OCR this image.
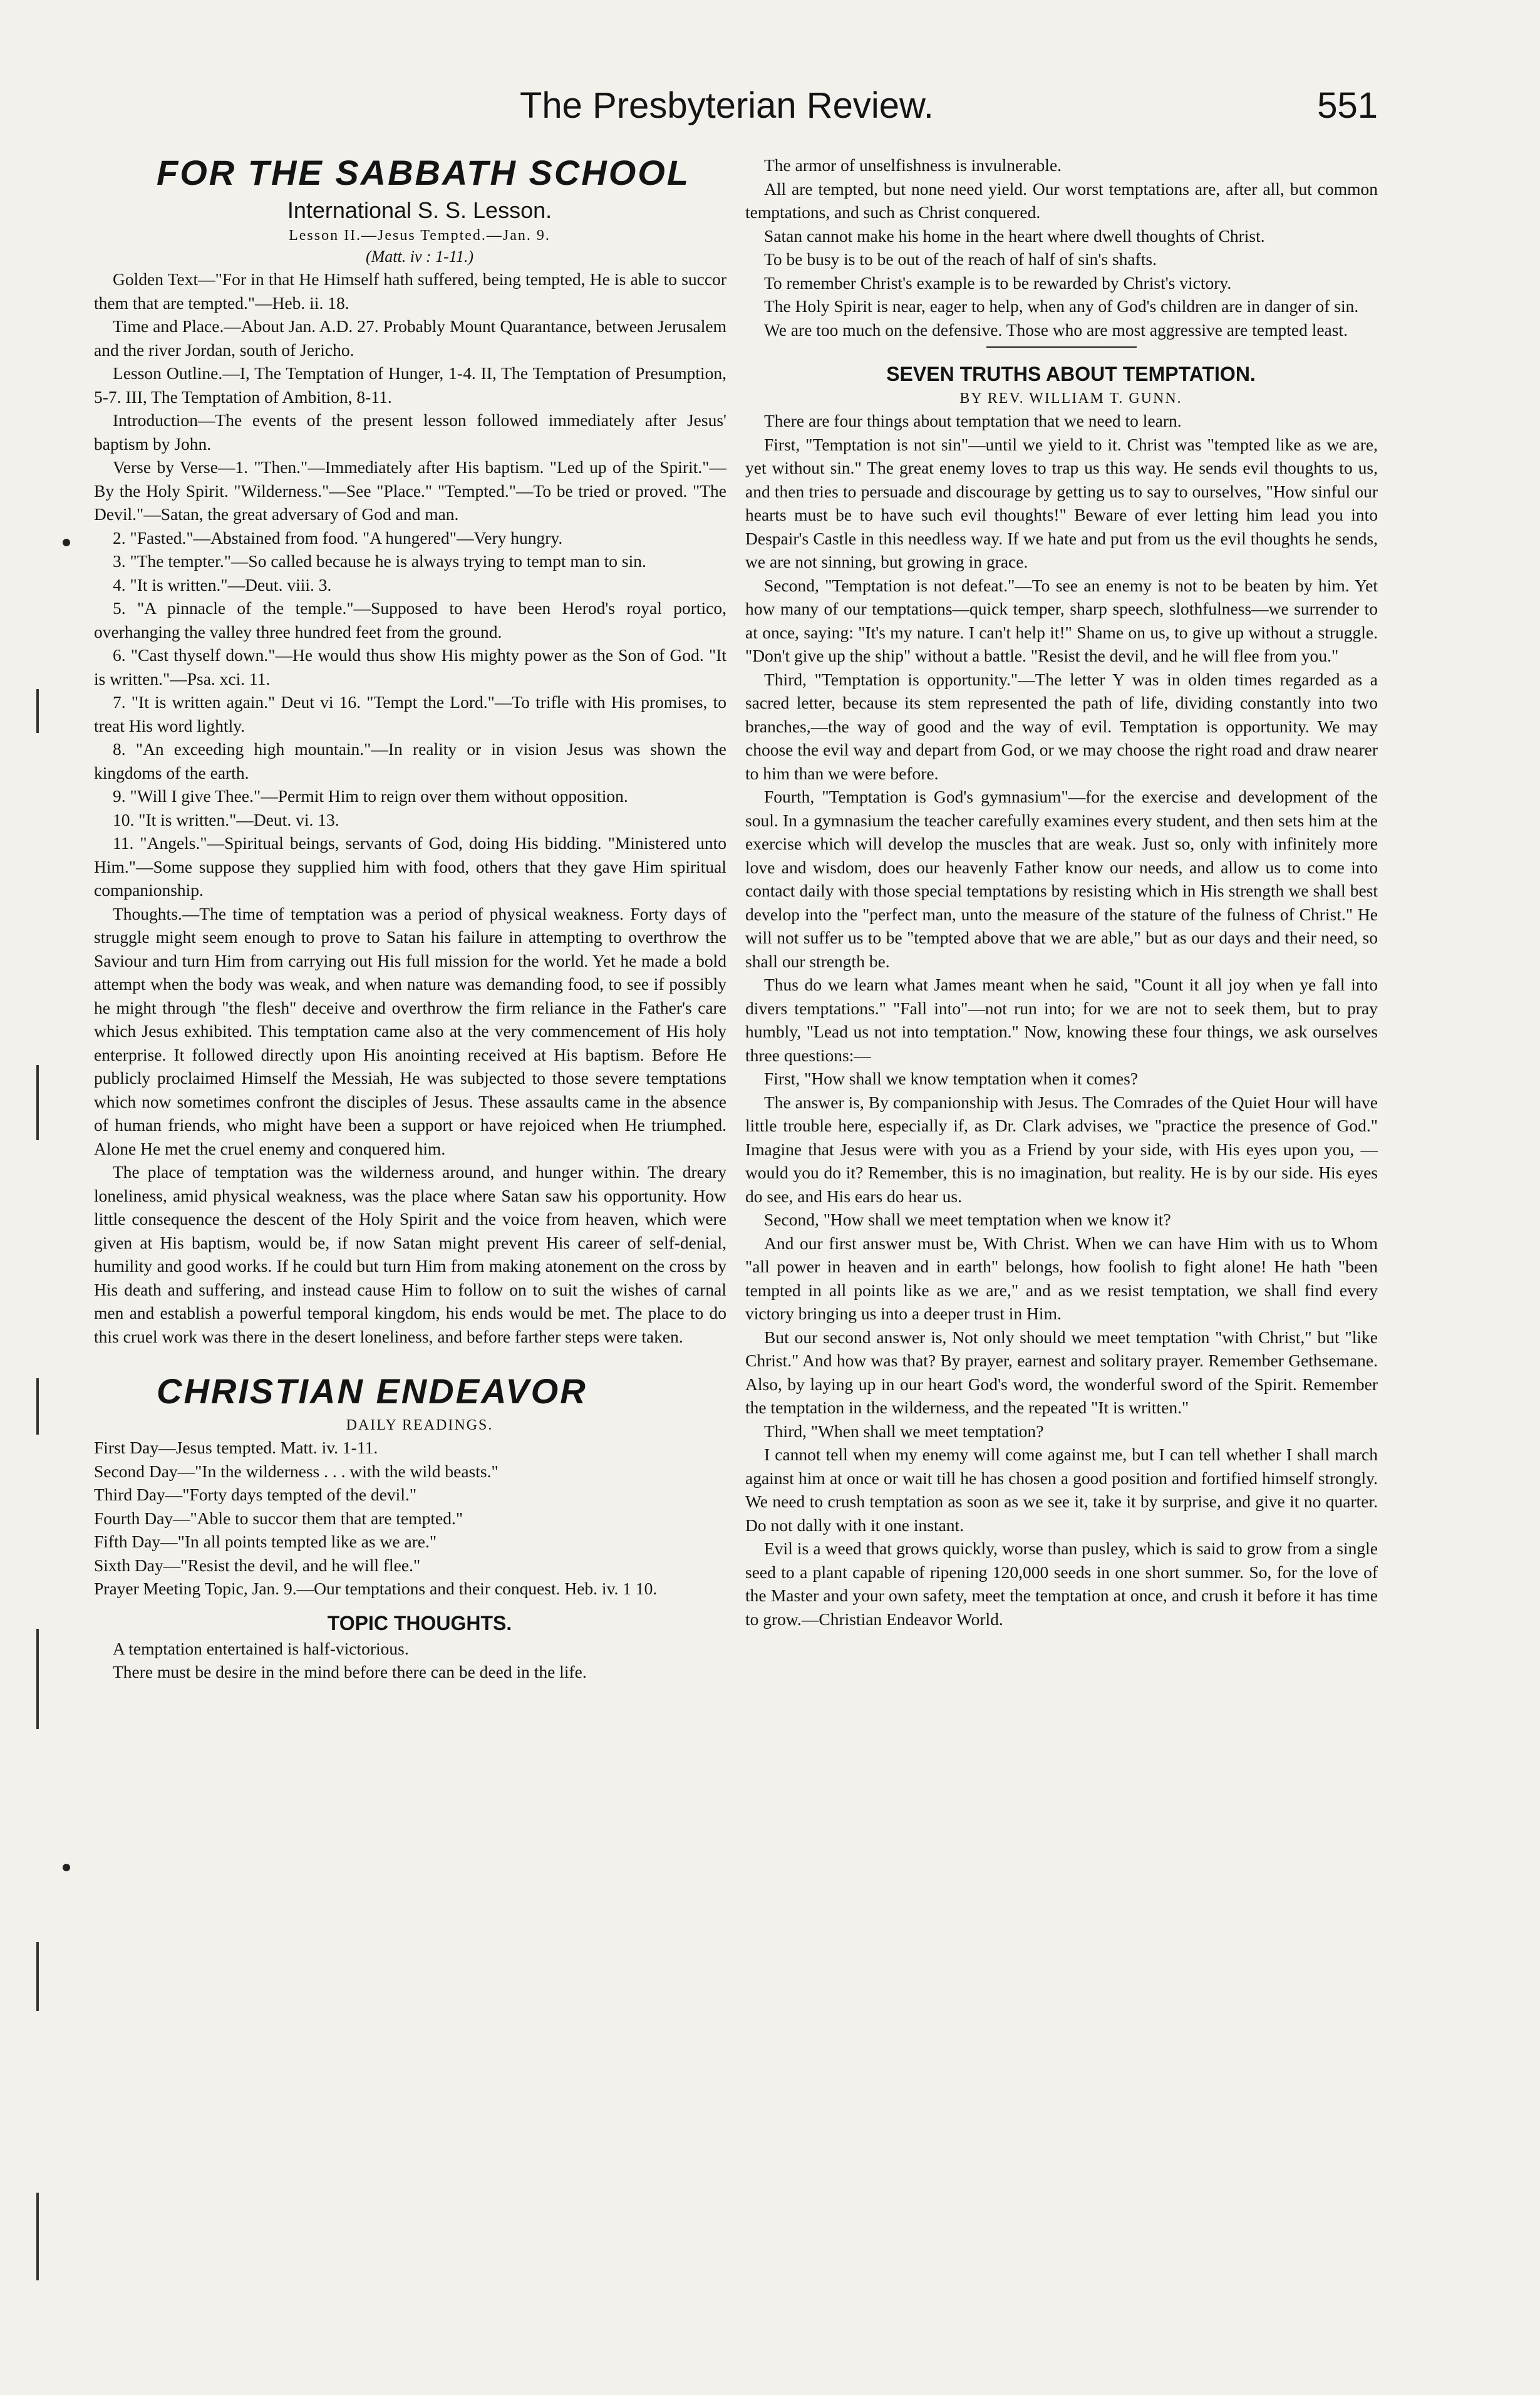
The Presbyterian Review.	551
FOR THE SABBATH SCHOOL

International S. S. Lesson.

Lesson II.—Jesus Tempted.—Jan. 9.

(Matt. iv : 1-11.)

Golden Text—"For in that He Himself hath suffered, being tempted, He is able to succor them that are tempted."—Heb. ii. 18.

Time and Place.—About Jan. A.D. 27. Probably Mount Quarantance, between Jerusalem and the river Jordan, south of Jericho.

Lesson Outline.—I, The Temptation of Hunger, 1-4. II, The Temptation of Presumption, 5-7. III, The Temptation of Ambition, 8-11.

Introduction—The events of the present lesson followed immediately after Jesus' baptism by John.

Verse by Verse—1. "Then."—Immediately after His baptism. "Led up of the Spirit."—By the Holy Spirit. "Wilderness."—See "Place." "Tempted."—To be tried or proved. "The Devil."—Satan, the great adversary of God and man.

2. "Fasted."—Abstained from food. "A hungered"—Very hungry.

3. "The tempter."—So called because he is always trying to tempt man to sin.

4. "It is written."—Deut. viii. 3.

5. "A pinnacle of the temple."—Supposed to have been Herod's royal portico, overhanging the valley three hundred feet from the ground.

6. "Cast thyself down."—He would thus show His mighty power as the Son of God. "It is written."—Psa. xci. 11.

7. "It is written again." Deut vi 16. "Tempt the Lord."—To trifle with His promises, to treat His word lightly.

8. "An exceeding high mountain."—In reality or in vision Jesus was shown the kingdoms of the earth.

9. "Will I give Thee."—Permit Him to reign over them without opposition.

10. "It is written."—Deut. vi. 13.

11. "Angels."—Spiritual beings, servants of God, doing His bidding. "Ministered unto Him."—Some suppose they supplied him with food, others that they gave Him spiritual companionship.

Thoughts.—The time of temptation was a period of physical weakness. Forty days of struggle might seem enough to prove to Satan his failure in attempting to overthrow the Saviour and turn Him from carrying out His full mission for the world. Yet he made a bold attempt when the body was weak, and when nature was demanding food, to see if possibly he might through "the flesh" deceive and overthrow the firm reliance in the Father's care which Jesus exhibited. This temptation came also at the very commencement of His holy enterprise. It followed directly upon His anointing received at His baptism. Before He publicly proclaimed Himself the Messiah, He was subjected to those severe temptations which now sometimes confront the disciples of Jesus. These assaults came in the absence of human friends, who might have been a support or have rejoiced when He triumphed. Alone He met the cruel enemy and conquered him.

The place of temptation was the wilderness around, and hunger within. The dreary loneliness, amid physical weakness, was the place where Satan saw his opportunity. How little consequence the descent of the Holy Spirit and the voice from heaven, which were given at His baptism, would be, if now Satan might prevent His career of self-denial, humility and good works. If he could but turn Him from making atonement on the cross by His death and suffering, and instead cause Him to follow on to suit the wishes of carnal men and establish a powerful temporal kingdom, his ends would be met. The place to do this cruel work was there in the desert loneliness, and before farther steps were taken.

CHRISTIAN ENDEAVOR

DAILY READINGS.

First Day—Jesus tempted. Matt. iv. 1-11.

Second Day—"In the wilderness . . . with the wild beasts."

Third Day—"Forty days tempted of the devil."

Fourth Day—"Able to succor them that are tempted."

Fifth Day—"In all points tempted like as we are."

Sixth Day—"Resist the devil, and he will flee."

Prayer Meeting Topic, Jan. 9.—Our temptations and their conquest. Heb. iv. 1 10.

TOPIC THOUGHTS.

A temptation entertained is half-victorious.

There must be desire in the mind before there can be deed in the life.

The armor of unselfishness is invulnerable.

All are tempted, but none need yield. Our worst temptations are, after all, but common temptations, and such as Christ conquered.

Satan cannot make his home in the heart where dwell thoughts of Christ.

To be busy is to be out of the reach of half of sin's shafts.

To remember Christ's example is to be rewarded by Christ's victory.

The Holy Spirit is near, eager to help, when any of God's children are in danger of sin.

We are too much on the defensive. Those who are most aggressive are tempted least.

SEVEN TRUTHS ABOUT TEMPTATION.

BY REV. WILLIAM T. GUNN.

There are four things about temptation that we need to learn.

First, "Temptation is not sin"—until we yield to it. Christ was "tempted like as we are, yet without sin." The great enemy loves to trap us this way. He sends evil thoughts to us, and then tries to persuade and discourage by getting us to say to ourselves, "How sinful our hearts must be to have such evil thoughts!" Beware of ever letting him lead you into Despair's Castle in this needless way. If we hate and put from us the evil thoughts he sends, we are not sinning, but growing in grace.

Second, "Temptation is not defeat."—To see an enemy is not to be beaten by him. Yet how many of our temptations—quick temper, sharp speech, slothfulness—we surrender to at once, saying: "It's my nature. I can't help it!" Shame on us, to give up without a struggle. "Don't give up the ship" without a battle. "Resist the devil, and he will flee from you."

Third, "Temptation is opportunity."—The letter Y was in olden times regarded as a sacred letter, because its stem represented the path of life, dividing constantly into two branches,—the way of good and the way of evil. Temptation is opportunity. We may choose the evil way and depart from God, or we may choose the right road and draw nearer to him than we were before.

Fourth, "Temptation is God's gymnasium"—for the exercise and development of the soul. In a gymnasium the teacher carefully examines every student, and then sets him at the exercise which will develop the muscles that are weak. Just so, only with infinitely more love and wisdom, does our heavenly Father know our needs, and allow us to come into contact daily with those special temptations by resisting which in His strength we shall best develop into the "perfect man, unto the measure of the stature of the fulness of Christ." He will not suffer us to be "tempted above that we are able," but as our days and their need, so shall our strength be.

Thus do we learn what James meant when he said, "Count it all joy when ye fall into divers temptations." "Fall into"—not run into; for we are not to seek them, but to pray humbly, "Lead us not into temptation." Now, knowing these four things, we ask ourselves three questions:—

First, "How shall we know temptation when it comes?

The answer is, By companionship with Jesus. The Comrades of the Quiet Hour will have little trouble here, especially if, as Dr. Clark advises, we "practice the presence of God." Imagine that Jesus were with you as a Friend by your side, with His eyes upon you, —would you do it? Remember, this is no imagination, but reality. He is by our side. His eyes do see, and His ears do hear us.

Second, "How shall we meet temptation when we know it?

And our first answer must be, With Christ. When we can have Him with us to Whom "all power in heaven and in earth" belongs, how foolish to fight alone! He hath "been tempted in all points like as we are," and as we resist temptation, we shall find every victory bringing us into a deeper trust in Him.

But our second answer is, Not only should we meet temptation "with Christ," but "like Christ." And how was that? By prayer, earnest and solitary prayer. Remember Gethsemane. Also, by laying up in our heart God's word, the wonderful sword of the Spirit. Remember the temptation in the wilderness, and the repeated "It is written."

Third, "When shall we meet temptation?

I cannot tell when my enemy will come against me, but I can tell whether I shall march against him at once or wait till he has chosen a good position and fortified himself strongly. We need to crush temptation as soon as we see it, take it by surprise, and give it no quarter. Do not dally with it one instant.

Evil is a weed that grows quickly, worse than pusley, which is said to grow from a single seed to a plant capable of ripening 120,000 seeds in one short summer. So, for the love of the Master and your own safety, meet the temptation at once, and crush it before it has time to grow.—Christian Endeavor World.
